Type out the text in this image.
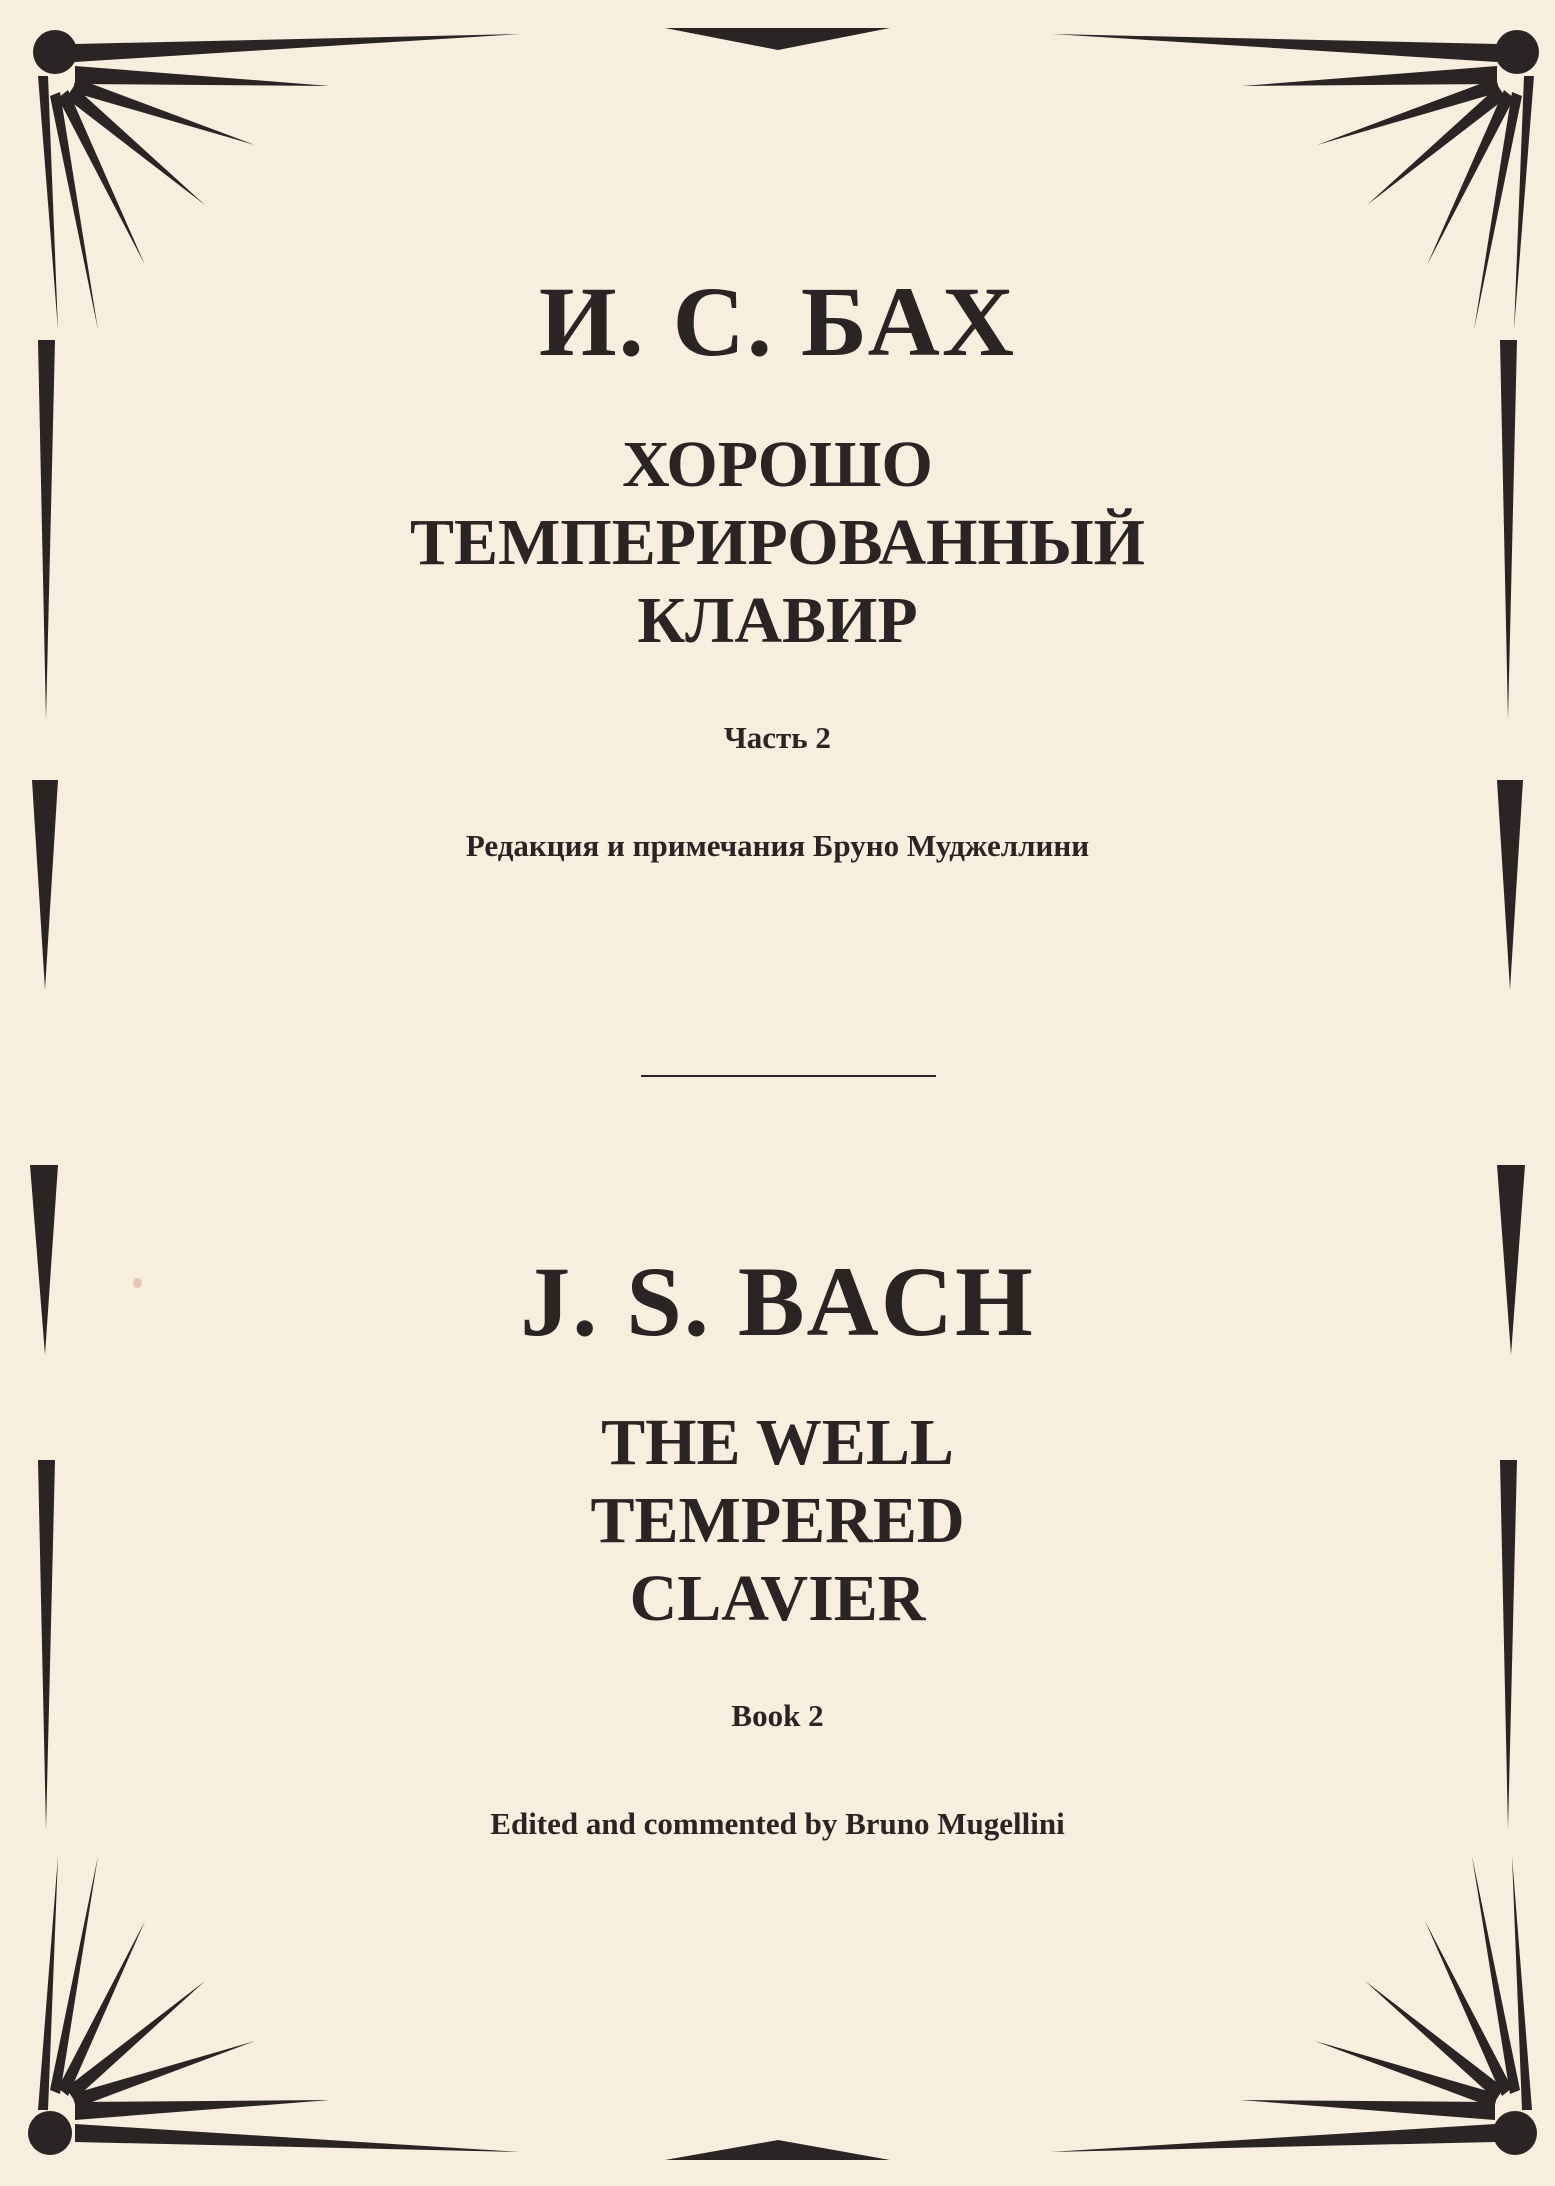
И. С. БАХ
ХОРОШО
ТЕМПЕРИРОВАННЫЙ
КЛАВИР
Часть 2
Редакция и примечания Бруно Муджеллини
J. S. BACH
THE WELL
TEMPERED
CLAVIER
Book 2
Edited and commented by Bruno Mugellini
